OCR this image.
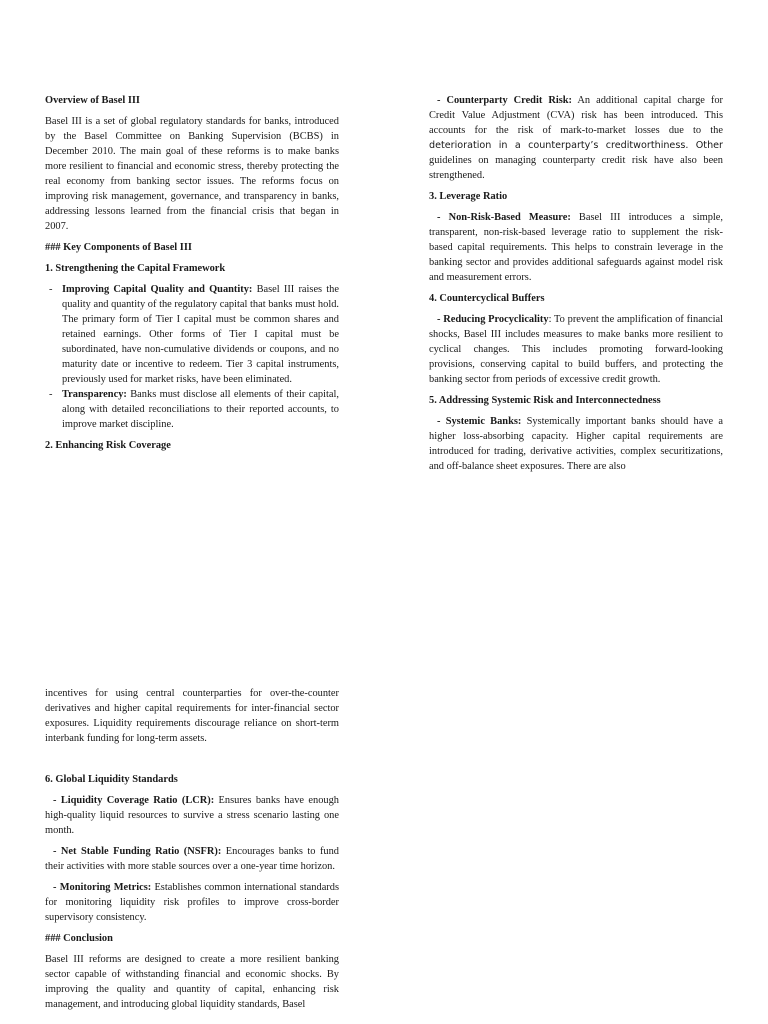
Overview of Basel III

Basel III is a set of global regulatory standards for banks, introduced by the Basel Committee on Banking Supervision (BCBS) in December 2010. The main goal of these reforms is to make banks more resilient to financial and economic stress, thereby protecting the real economy from banking sector issues. The reforms focus on improving risk management, governance, and transparency in banks, addressing lessons learned from the financial crisis that began in 2007.

### Key Components of Basel III

1. Strengthening the Capital Framework

- Improving Capital Quality and Quantity: Basel III raises the quality and quantity of the regulatory capital that banks must hold. The primary form of Tier I capital must be common shares and retained earnings. Other forms of Tier I capital must be subordinated, have non-cumulative dividends or coupons, and no maturity date or incentive to redeem. Tier 3 capital instruments, previously used for market risks, have been eliminated.
- Transparency: Banks must disclose all elements of their capital, along with detailed reconciliations to their reported accounts, to improve market discipline.

2. Enhancing Risk Coverage

- Counterparty Credit Risk: An additional capital charge for Credit Value Adjustment (CVA) risk has been introduced. This accounts for the risk of mark-to-market losses due to the deterioration in a counterparty’s creditworthiness. Other guidelines on managing counterparty credit risk have also been strengthened.

3. Leverage Ratio

- Non-Risk-Based Measure: Basel III introduces a simple, transparent, non-risk-based leverage ratio to supplement the risk-based capital requirements. This helps to constrain leverage in the banking sector and provides additional safeguards against model risk and measurement errors.

4. Countercyclical Buffers

- Reducing Procyclicality: To prevent the amplification of financial shocks, Basel III includes measures to make banks more resilient to cyclical changes. This includes promoting forward-looking provisions, conserving capital to build buffers, and protecting the banking sector from periods of excessive credit growth.

5. Addressing Systemic Risk and Interconnectedness

- Systemic Banks: Systemically important banks should have a higher loss-absorbing capacity. Higher capital requirements are introduced for trading, derivative activities, complex securitizations, and off-balance sheet exposures. There are also

incentives for using central counterparties for over-the-counter derivatives and higher capital requirements for inter-financial sector exposures. Liquidity requirements discourage reliance on short-term interbank funding for long-term assets.

6. Global Liquidity Standards

- Liquidity Coverage Ratio (LCR): Ensures banks have enough high-quality liquid resources to survive a stress scenario lasting one month.

- Net Stable Funding Ratio (NSFR): Encourages banks to fund their activities with more stable sources over a one-year time horizon.

- Monitoring Metrics: Establishes common international standards for monitoring liquidity risk profiles to improve cross-border supervisory consistency.

### Conclusion

Basel III reforms are designed to create a more resilient banking sector capable of withstanding financial and economic shocks. By improving the quality and quantity of capital, enhancing risk management, and introducing global liquidity standards, Basel
